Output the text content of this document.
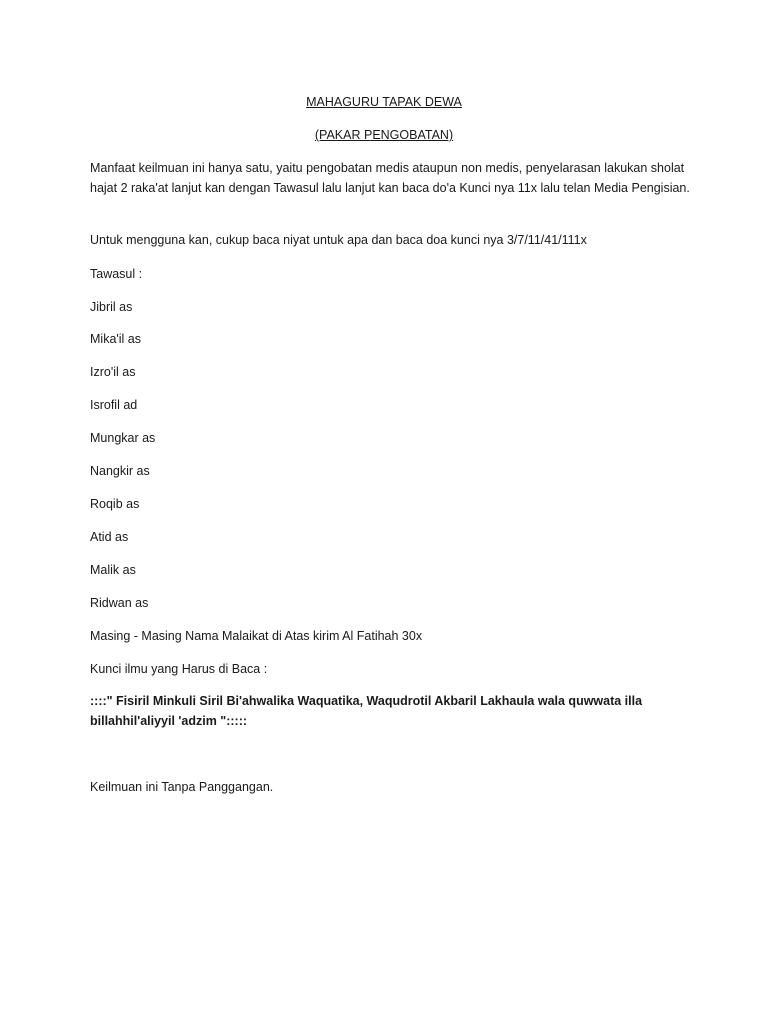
MAHAGURU TAPAK DEWA
(PAKAR PENGOBATAN)
Manfaat keilmuan ini hanya satu, yaitu pengobatan medis ataupun non medis, penyelarasan lakukan sholat hajat 2 raka'at lanjut kan dengan Tawasul lalu lanjut kan baca do'a Kunci nya 11x lalu telan Media Pengisian.
Untuk mengguna kan, cukup baca niyat untuk apa dan baca doa kunci nya 3/7/11/41/111x
Tawasul :
Jibril as
Mika'il as
Izro'il as
Isrofil ad
Mungkar as
Nangkir as
Roqib as
Atid as
Malik as
Ridwan as
Masing - Masing Nama Malaikat di Atas kirim Al Fatihah 30x
Kunci ilmu yang Harus di Baca :
::::" Fisiril Minkuli Siril Bi'ahwalika Waquatika, Waqudrotil Akbaril Lakhaula wala quwwata illa billahhil'aliyyil 'adzim ":::::
Keilmuan ini Tanpa Panggangan.
